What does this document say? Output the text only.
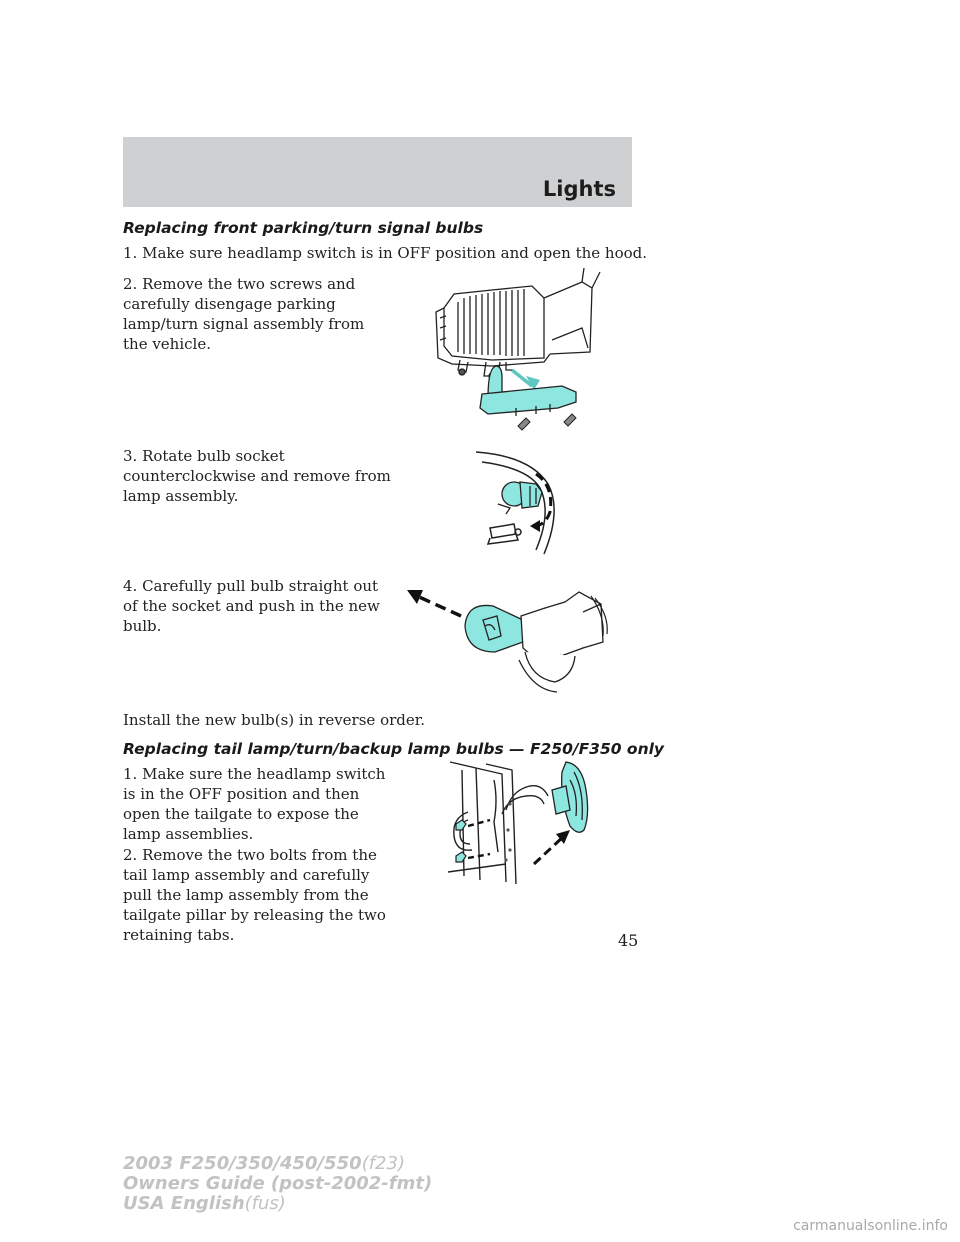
Lights
Replacing front parking/turn signal bulbs
1. Make sure headlamp switch is in OFF position and open the hood.
2. Remove the two screws and carefully disengage parking lamp/turn signal assembly from the vehicle.
3. Rotate bulb socket counterclockwise and remove from lamp assembly.
4. Carefully pull bulb straight out of the socket and push in the new bulb.
Install the new bulb(s) in reverse order.
Replacing tail lamp/turn/backup lamp bulbs — F250/F350 only
1. Make sure the headlamp switch is in the OFF position and then open the tailgate to expose the lamp assemblies.
2. Remove the two bolts from the tail lamp assembly and carefully pull the lamp assembly from the tailgate pillar by releasing the two retaining tabs.	45
2003 F250/350/450/550(f23)
Owners Guide (post-2002-fmt)
USA English(fus)
carmanualsonline.info
